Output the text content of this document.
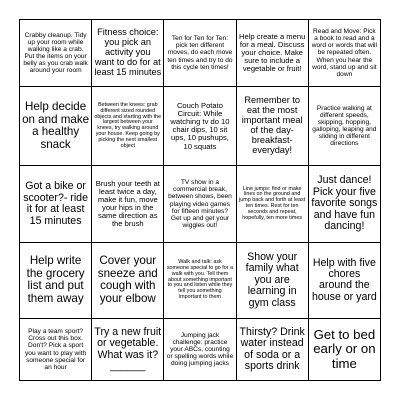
Crabby cleanup. Tidy up your room while walking like a crab. Put the items on your belly as you crab walk around your room	Fitness choice: you pick an activity you want to do for at least 15 minutes	Ten for Ten for Ten: pick ten different moves, do each move ten times and try to do this cycle ten times!	Help create a menu for a meal. Discuss your choice. Make sure to include a vegetable or fruit!	Read and Move: Pick a book to read and a word or words that will be repeated often. When you hear the word, stand up and sit down
Help decide on and make a healthy snack	Between the knees: grab different sized rounded objects and starting with the largest between your knees, try walking around your house. Keep going by picking the next smallest object	Couch Potato Circuit: While watching tv do 10 chair dips, 10 sit ups, 10 pushups, 10 squats	Remember to eat the most important meal of the day- breakfast- everyday!	Practice walking at different speeds, skipping, hopping, galloping, leaping and sliding in different directions
Got a bike or scooter?- ride it for at least 15 minutes	Brush your teeth at least twice a day, make it fun, move your hips in the same direction as the brush	TV show in a commercial break, between shows, been playing video games for fifteen minutes? Get up and get your wiggles out!	Line jumps: find or make lines on the ground and jump back and forth at least ten times. Rest for ten seconds and repeat, hopefully, ten more times	Just dance! Pick your five favorite songs and have fun dancing!
Help write the grocery list and put them away	Cover your sneeze and cough with your elbow	Walk and talk: ask someone special to go for a walk with you. Tell them about something important to you and listen while they tell you something important to them	Show your family what you are learning in gym class	Help with five chores around the house or yard
Play a team sport? Cross out this box. Don't? Pick a sport you want to play with someone special for an hour	Try a new fruit or vegetable. What was it? ______	Jumping jack challenge: practice your ABCs, counting or spelling words while doing jumping jacks	Thirsty? Drink water instead of soda or a sports drink	Get to bed early or on time
